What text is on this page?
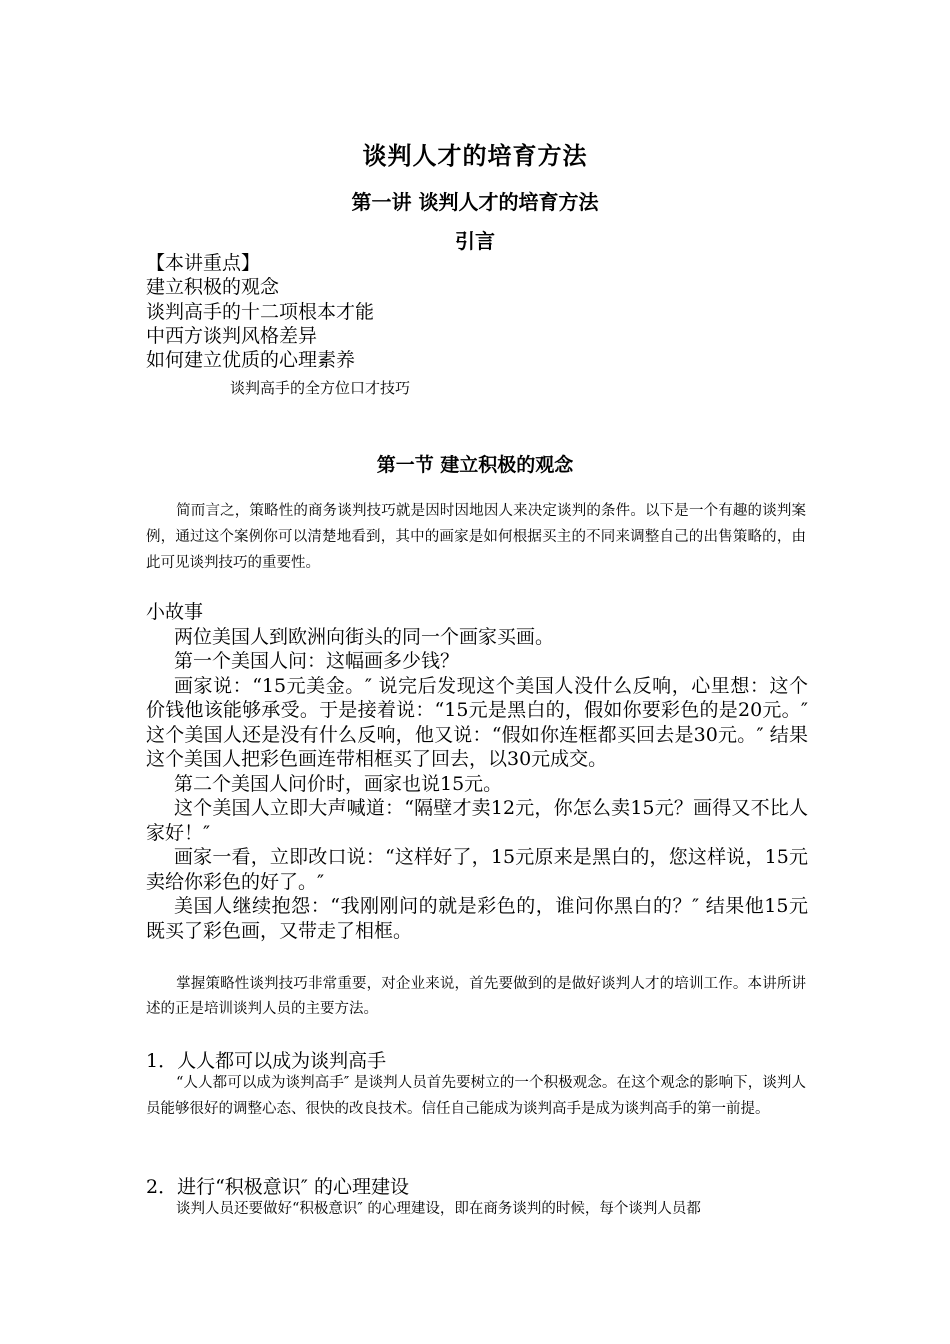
谈判人才的培育方法
第一讲 谈判人才的培育方法
引言
【本讲重点】
建立积极的观念
谈判高手的十二项根本才能
中西方谈判风格差异
如何建立优质的心理素养
谈判高手的全方位口才技巧
第一节 建立积极的观念

简而言之，策略性的商务谈判技巧就是因时因地因人来决定谈判的条件。以下是一个有趣的谈判案例，通过这个案例你可以清楚地看到，其中的画家是如何根据买主的不同来调整自己的出售策略的，由此可见谈判技巧的重要性。

小故事

两位美国人到欧洲向街头的同一个画家买画。

第一个美国人问：这幅画多少钱？

画家说：“15元美金。″ 说完后发现这个美国人没什么反响，心里想：这个价钱他该能够承受。于是接着说：“15元是黑白的，假如你要彩色的是20元。″ 这个美国人还是没有什么反响，他又说：“假如你连框都买回去是30元。″ 结果这个美国人把彩色画连带相框买了回去，以30元成交。

第二个美国人问价时，画家也说15元。

这个美国人立即大声喊道：“隔壁才卖12元，你怎么卖15元？画得又不比人家好！″

画家一看，立即改口说：“这样好了，15元原来是黑白的，您这样说，15元卖给你彩色的好了。″

美国人继续抱怨：“我刚刚问的就是彩色的，谁问你黑白的？″ 结果他15元既买了彩色画，又带走了相框。

掌握策略性谈判技巧非常重要，对企业来说，首先要做到的是做好谈判人才的培训工作。本讲所讲述的正是培训谈判人员的主要方法。

1．人人都可以成为谈判高手

“人人都可以成为谈判高手″ 是谈判人员首先要树立的一个积极观念。在这个观念的影响下，谈判人员能够很好的调整心态、很快的改良技术。信任自己能成为谈判高手是成为谈判高手的第一前提。

2．进行“积极意识″ 的心理建设

谈判人员还要做好“积极意识″ 的心理建设，即在商务谈判的时候，每个谈判人员都
